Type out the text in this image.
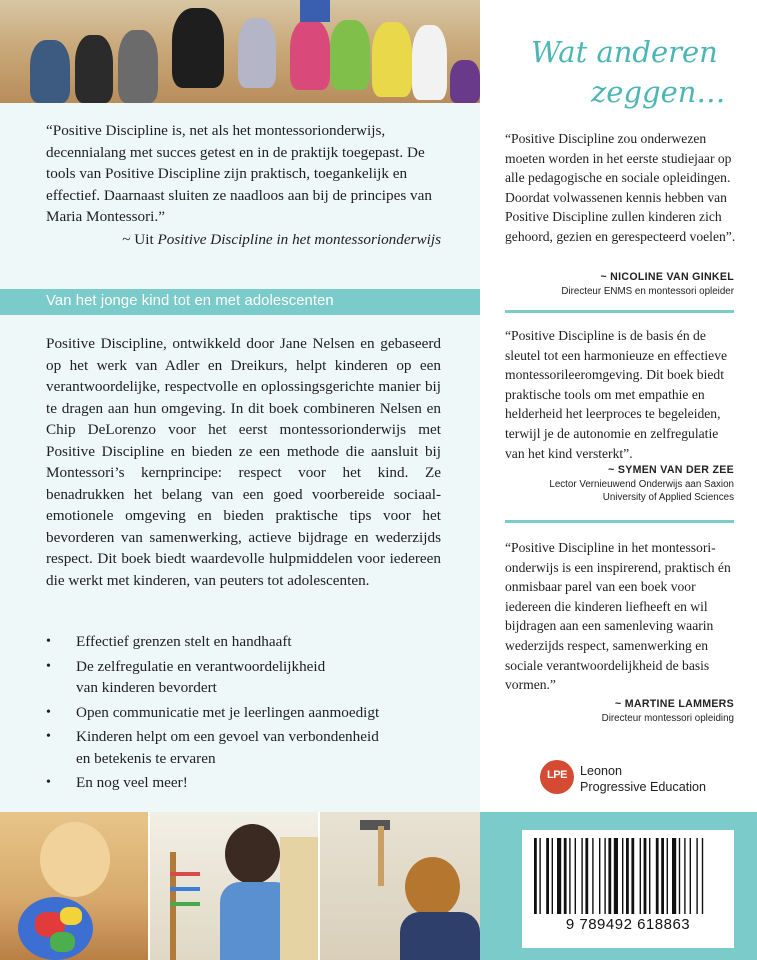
“Positive Discipline is, net als het montessorionderwijs, decennialang met succes getest en in de praktijk toegepast. De tools van Positive Discipline zijn praktisch, toegankelijk en effectief. Daarnaast sluiten ze naadloos aan bij de principes van Maria Montessori.”
~ Uit Positive Discipline in het montessorionderwijs
Van het jonge kind tot en met adolescenten
Positive Discipline, ontwikkeld door Jane Nelsen en gebaseerd op het werk van Adler en Dreikurs, helpt kinderen op een verantwoordelijke, respectvolle en oplossingsgerichte manier bij te dragen aan hun omgeving. In dit boek combineren Nelsen en Chip DeLorenzo voor het eerst montessorionderwijs met Positive Discipline en bieden ze een methode die aansluit bij Montessori’s kernprincipe: respect voor het kind. Ze benadrukken het belang van een goed voorbereide sociaal-emotionele omgeving en bieden praktische tips voor het bevorderen van samenwerking, actieve bijdrage en wederzijds respect. Dit boek biedt waardevolle hulpmiddelen voor iedereen die werkt met kinderen, van peuters tot adolescenten.
• Effectief grenzen stelt en handhaaft
• De zelfregulatie en verantwoordelijkheid
van kinderen bevordert
• Open communicatie met je leerlingen aanmoedigt
• Kinderen helpt om een gevoel van verbondenheid
en betekenis te ervaren
• En nog veel meer!
Wat anderen
zeggen…
“Positive Discipline zou onderwezen moeten worden in het eerste studiejaar op alle pedagogische en sociale opleidingen. Doordat volwassenen kennis hebben van Positive Discipline zullen kinderen zich gehoord, gezien en gerespecteerd voelen”.
~ NICOLINE VAN GINKEL
Directeur ENMS en montessori opleider
“Positive Discipline is de basis én de sleutel tot een harmonieuze en effectieve montessorileeromgeving. Dit boek biedt praktische tools om met empathie en helderheid het leerproces te begeleiden, terwijl je de autonomie en zelfregulatie van het kind versterkt”.
~ SYMEN VAN DER ZEE
Lector Vernieuwend Onderwijs aan Saxion
University of Applied Sciences
“Positive Discipline in het montessori-onderwijs is een inspirerend, praktisch én onmisbaar parel van een boek voor iedereen die kinderen liefheeft en wil bijdragen aan een samenleving waarin wederzijds respect, samenwerking en sociale verantwoordelijkheid de basis vormen.”
~ MARTINE LAMMERS
Directeur montessori opleiding
LPE	Leonon
Progressive Education
9 789492 618863
